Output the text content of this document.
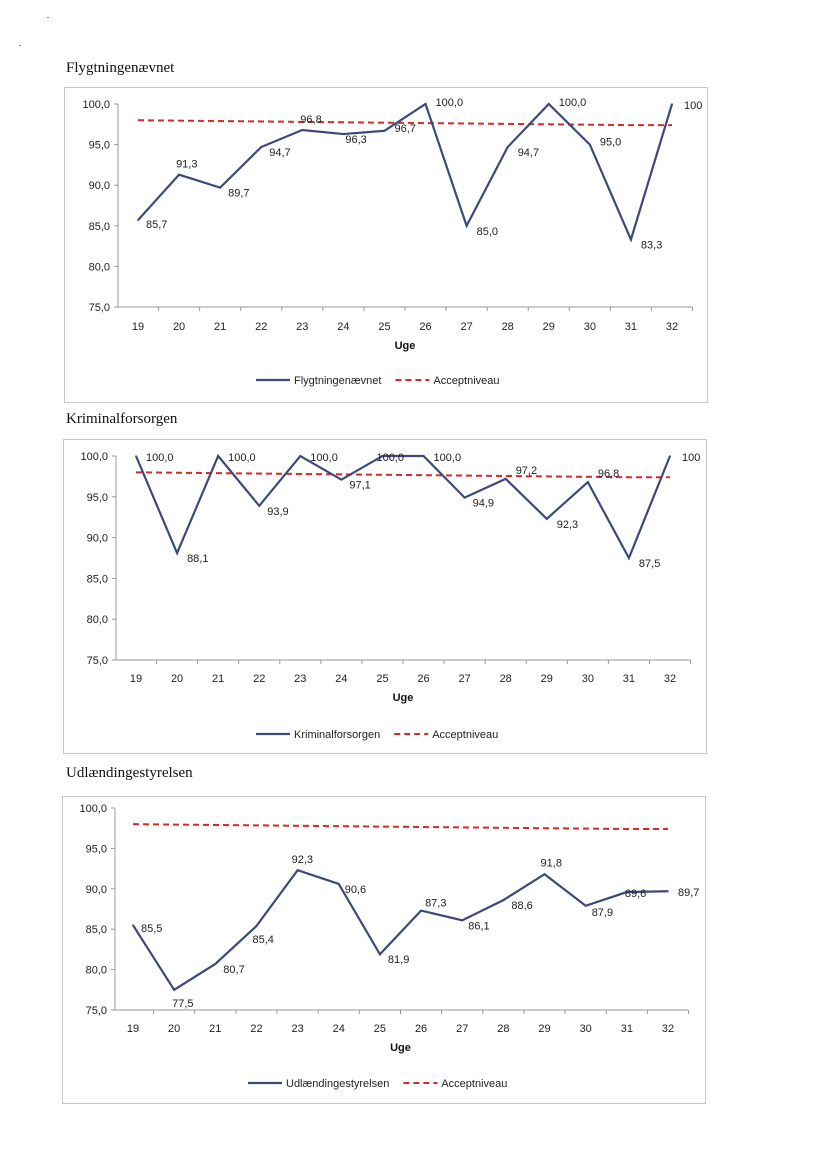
Flygtningenævnet
Kriminalforsorgen
Udlændingestyrelsen
75,0
80,0
85,0
90,0
95,0
100,0
19	20	21	22	23	24	25	26	27	28	29	30	31	32
Uge
85,7
91,3
89,7
94,7
96,8
96,3
96,7
100,0
85,0
94,7
100,0
95,0
83,3
100
Flygtningenævnet	Acceptniveau
75,0
80,0
85,0
90,0
95,0
100,0
19	20	21	22	23	24	25	26	27	28	29	30	31	32
Uge
100,0
88,1
100,0
93,9
100,0
97,1
100,0	100,0
94,9
97,2
92,3
96,8
87,5
100
Kriminalforsorgen	Acceptniveau
75,0
80,0
85,0
90,0
95,0
100,0
19	20	21	22	23	24	25	26	27	28	29	30	31	32
Uge
85,5
77,5
80,7
85,4
92,3
90,6
81,9
87,3
86,1
88,6
91,8
87,9
89,6	89,7
Udlændingestyrelsen	Acceptniveau
